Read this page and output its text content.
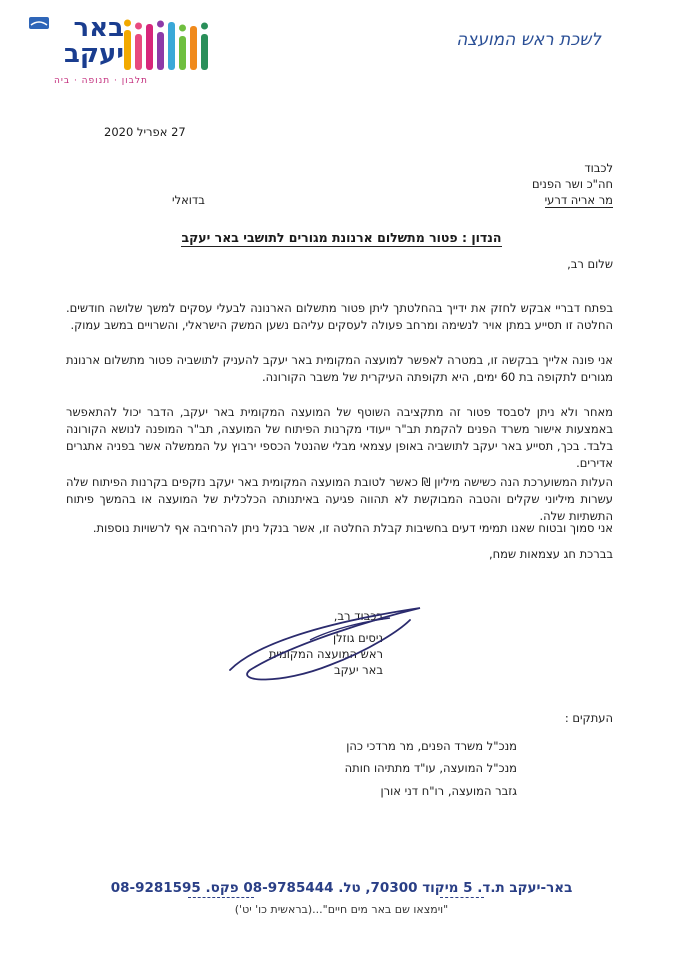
באר
יעקב
תלבון · תנופה · ביה
לשכת ראש המועצה
27 אפריל 2020
לכבוד
חה"כ ושר הפנים
מר אריה דרעי
בדואלי
הנדון : פטור מתשלום ארנונת מגורים לתושבי באר יעקב
שלום רב,
בפתח דבריי אבקש לחזק את ידייך בהחלטתך ליתן פטור מתשלום הארנונה לבעלי עסקים למשך שלושה חודשים. החלטה זו תסייע במתן אויר לנשימה ומרחב פעולה לעסקים עליהם נשען המשק הישראלי, והשרויים במשב עמוק.
אני פונה אלייך בבקשה זו, במטרה לאפשר למועצה המקומית באר יעקב להעניק לתושביה פטור מתשלום ארנונת מגורים לתקופה בת 60 ימים, היא תקופתה העיקרית של משבר הקורונה.
מאחר ולא ניתן לסבסד פטור זה מתקציבה השוטף של המועצה המקומית באר יעקב, הדבר יכול להתאפשר באמצעות אישור משרד הפנים להקמת תב"ר ייעודי מקרנות הפיתוח של המועצה, תב"ר המופנה לנושא הקורונה בלבד. בכך, תסייע באר יעקב לתושביה באופן עצמאי מבלי שהנטל הכספי ירבוץ על הממשלה אשר בפניה אתגרים אדירים.
העלות המשוערכת הנה כשישה מיליון ₪ כאשר לטובת המועצה המקומית באר יעקב נזקפים בקרנות הפיתוח שלה עשרות מיליוני שקלים והטבה המבוקשת לא תהווה פגיעה באיתנותה הכלכלית של המועצה או בהמשך פיתוח התשתיות שלה.
אני סמוך ובטוח שאנו תמימי דעים בחשיבות קבלת החלטה זו, אשר בנקל ניתן להרחיבה אף לרשויות נוספות.
בברכת חג עצמאות שמח,
בכבוד רב,
ניסים גוזלן
ראש המועצה המקומית
באר יעקב
העתקים :
מנכ"ל משרד הפנים, מר מרדכי כהן
מנכ"ל המועצה, עו"ד מתתיהו חותה
גזבר המועצה, רו"ח דני אורן
באר-יעקב ת.ד. 5 מיקוד 70300, טל. 08-9785444 פקס. 08-9281595
"וימצאו שם באר מים חיים"...(בראשית כו' יט')
